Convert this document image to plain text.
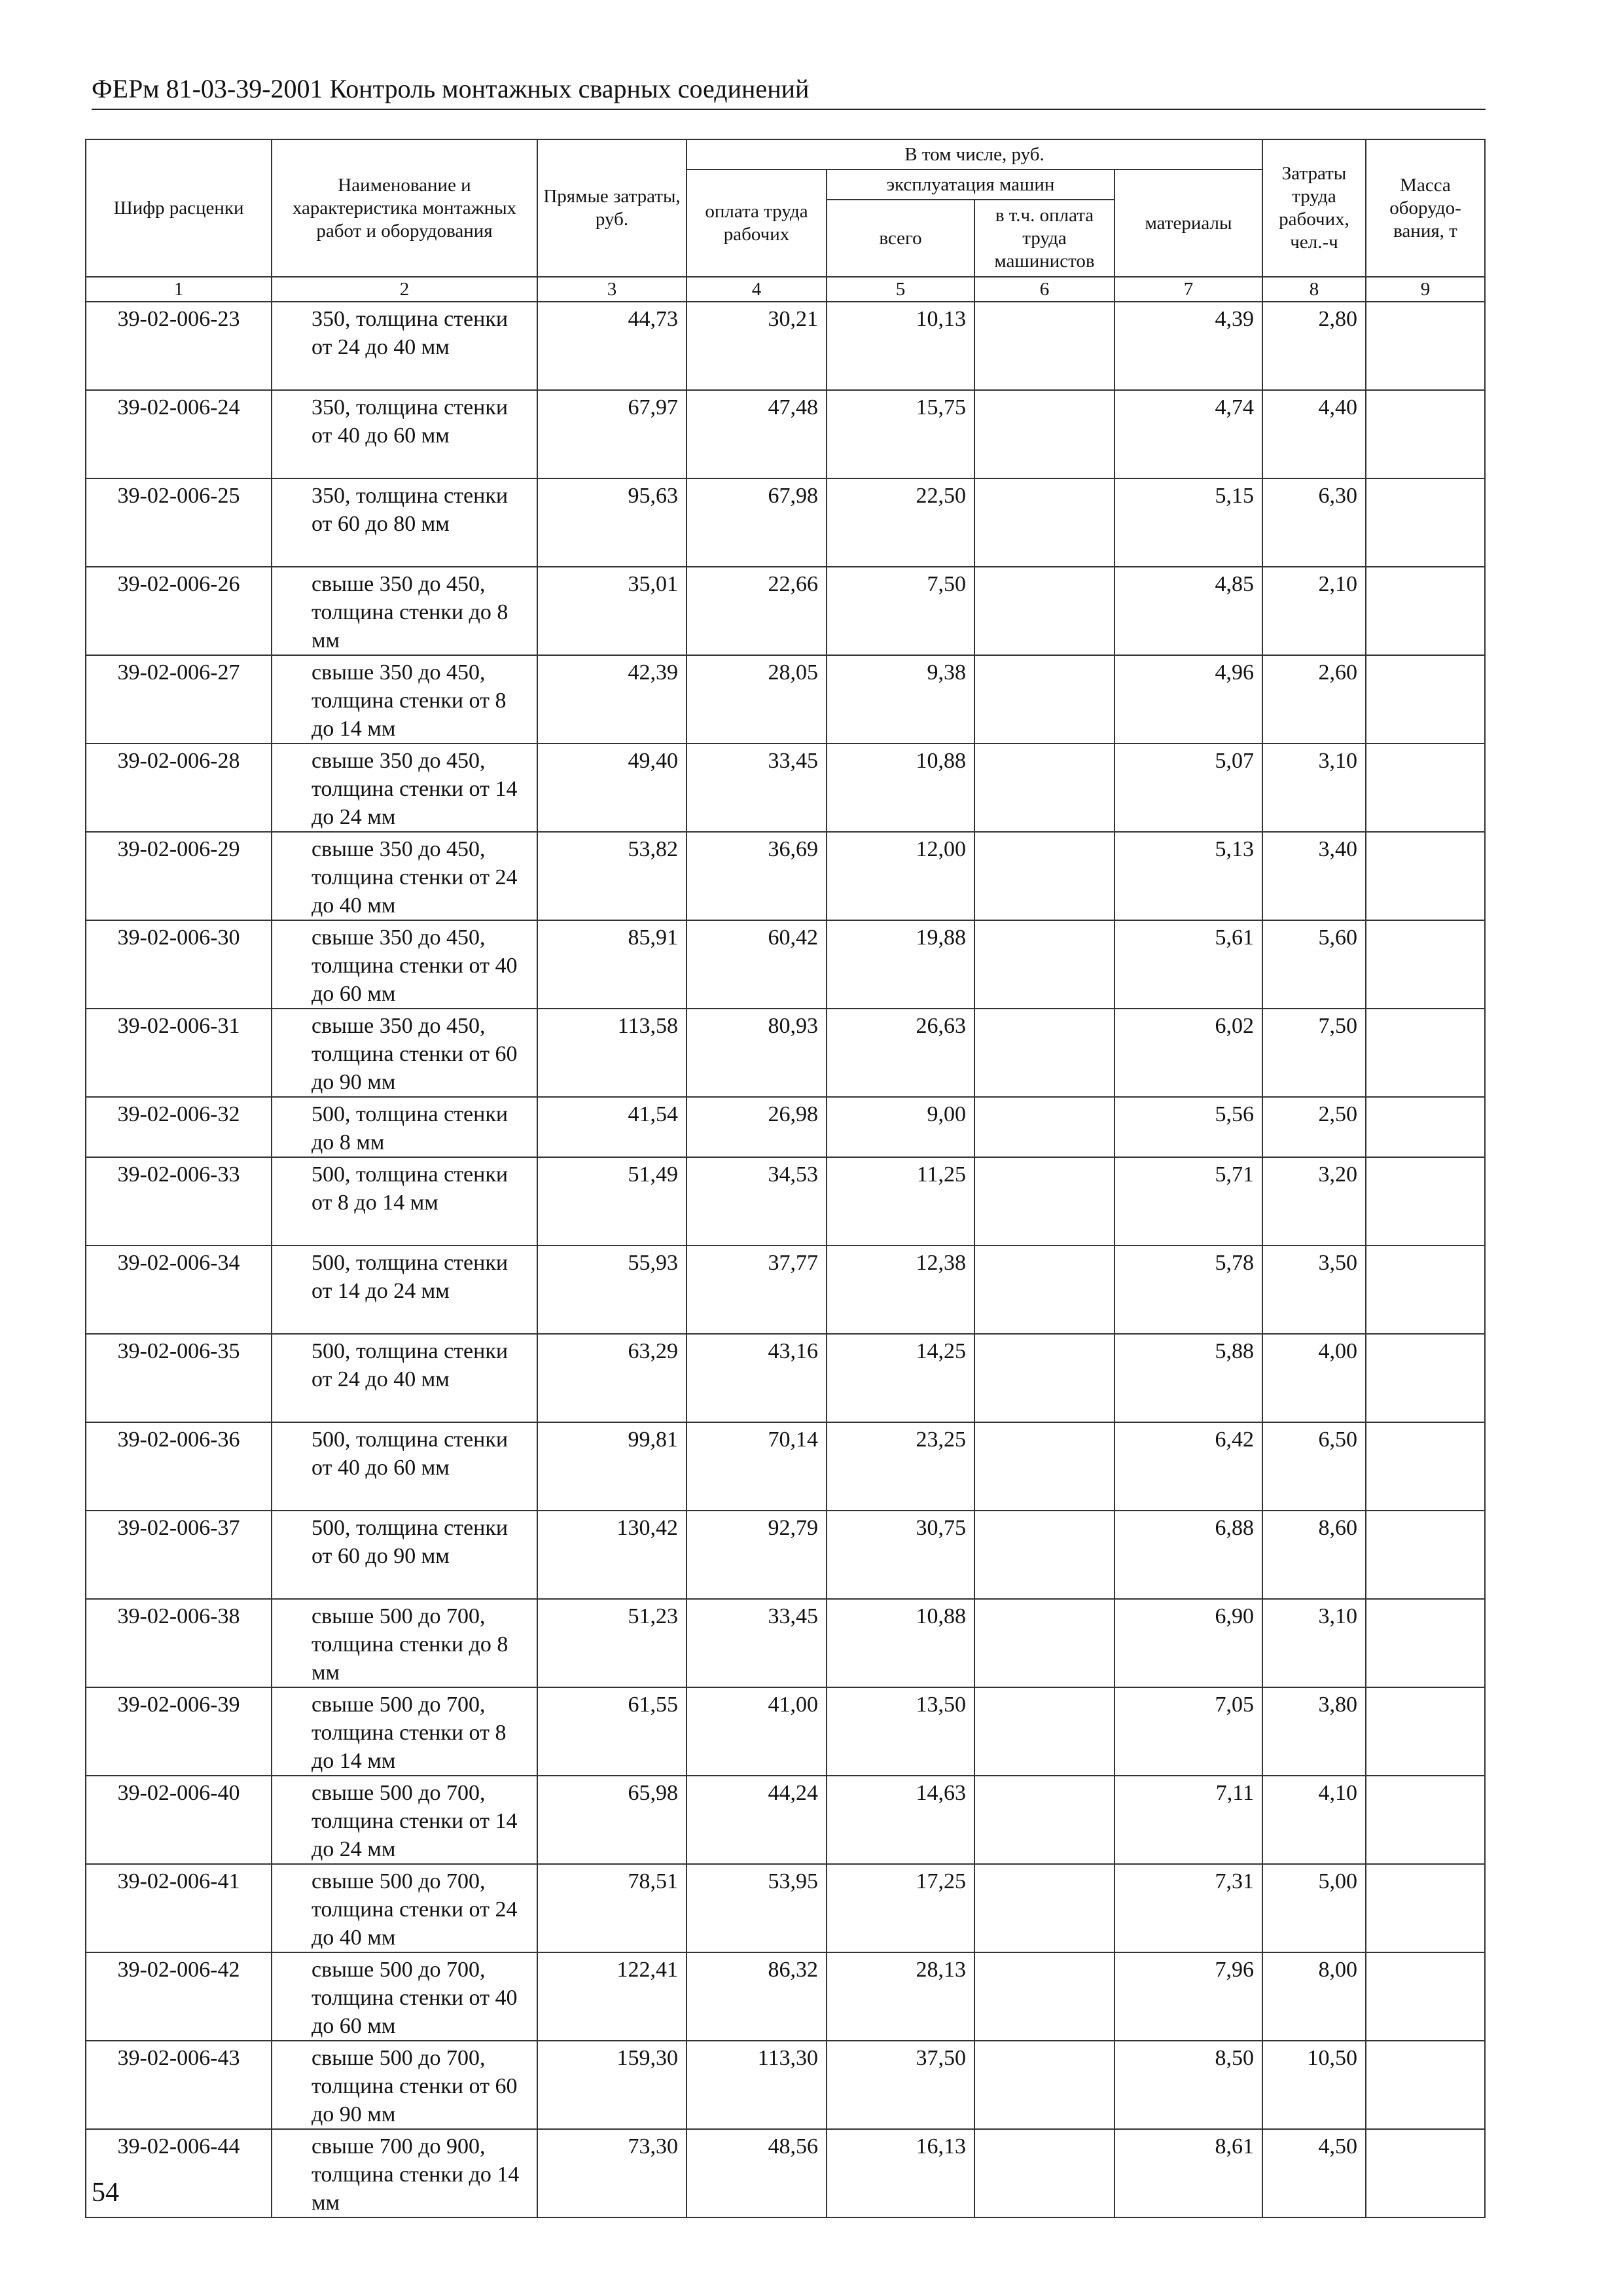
ФЕРм 81-03-39-2001 Контроль монтажных сварных соединений
Шифр расценки	Наименование и характеристика монтажных работ и оборудования	Прямые затраты, руб.	В том числе, руб.				Затраты труда рабочих, чел.-ч	Масса оборудо-вания, т
			оплата труда рабочих	эксплуатация машин		материалы		
				всего	в т.ч. оплата труда машинистов			
1	2	3	4	5	6	7	8	9
39-02-006-23	350, толщина стенки от 24 до 40 мм	44,73	30,21	10,13		4,39	2,80	
39-02-006-24	350, толщина стенки от 40 до 60 мм	67,97	47,48	15,75		4,74	4,40	
39-02-006-25	350, толщина стенки от 60 до 80 мм	95,63	67,98	22,50		5,15	6,30	
39-02-006-26	свыше 350 до 450, толщина стенки до 8 мм	35,01	22,66	7,50		4,85	2,10	
39-02-006-27	свыше 350 до 450, толщина стенки от 8 до 14 мм	42,39	28,05	9,38		4,96	2,60	
39-02-006-28	свыше 350 до 450, толщина стенки от 14 до 24 мм	49,40	33,45	10,88		5,07	3,10	
39-02-006-29	свыше 350 до 450, толщина стенки от 24 до 40 мм	53,82	36,69	12,00		5,13	3,40	
39-02-006-30	свыше 350 до 450, толщина стенки от 40 до 60 мм	85,91	60,42	19,88		5,61	5,60	
39-02-006-31	свыше 350 до 450, толщина стенки от 60 до 90 мм	113,58	80,93	26,63		6,02	7,50	
39-02-006-32	500, толщина стенки до 8 мм	41,54	26,98	9,00		5,56	2,50	
39-02-006-33	500, толщина стенки от 8 до 14 мм	51,49	34,53	11,25		5,71	3,20	
39-02-006-34	500, толщина стенки от 14 до 24 мм	55,93	37,77	12,38		5,78	3,50	
39-02-006-35	500, толщина стенки от 24 до 40 мм	63,29	43,16	14,25		5,88	4,00	
39-02-006-36	500, толщина стенки от 40 до 60 мм	99,81	70,14	23,25		6,42	6,50	
39-02-006-37	500, толщина стенки от 60 до 90 мм	130,42	92,79	30,75		6,88	8,60	
39-02-006-38	свыше 500 до 700, толщина стенки до 8 мм	51,23	33,45	10,88		6,90	3,10	
39-02-006-39	свыше 500 до 700, толщина стенки от 8 до 14 мм	61,55	41,00	13,50		7,05	3,80	
39-02-006-40	свыше 500 до 700, толщина стенки от 14 до 24 мм	65,98	44,24	14,63		7,11	4,10	
39-02-006-41	свыше 500 до 700, толщина стенки от 24 до 40 мм	78,51	53,95	17,25		7,31	5,00	
39-02-006-42	свыше 500 до 700, толщина стенки от 40 до 60 мм	122,41	86,32	28,13		7,96	8,00	
39-02-006-43	свыше 500 до 700, толщина стенки от 60 до 90 мм	159,30	113,30	37,50		8,50	10,50	
39-02-006-44	свыше 700 до 900, толщина стенки до 14 мм	73,30	48,56	16,13		8,61	4,50	
54
